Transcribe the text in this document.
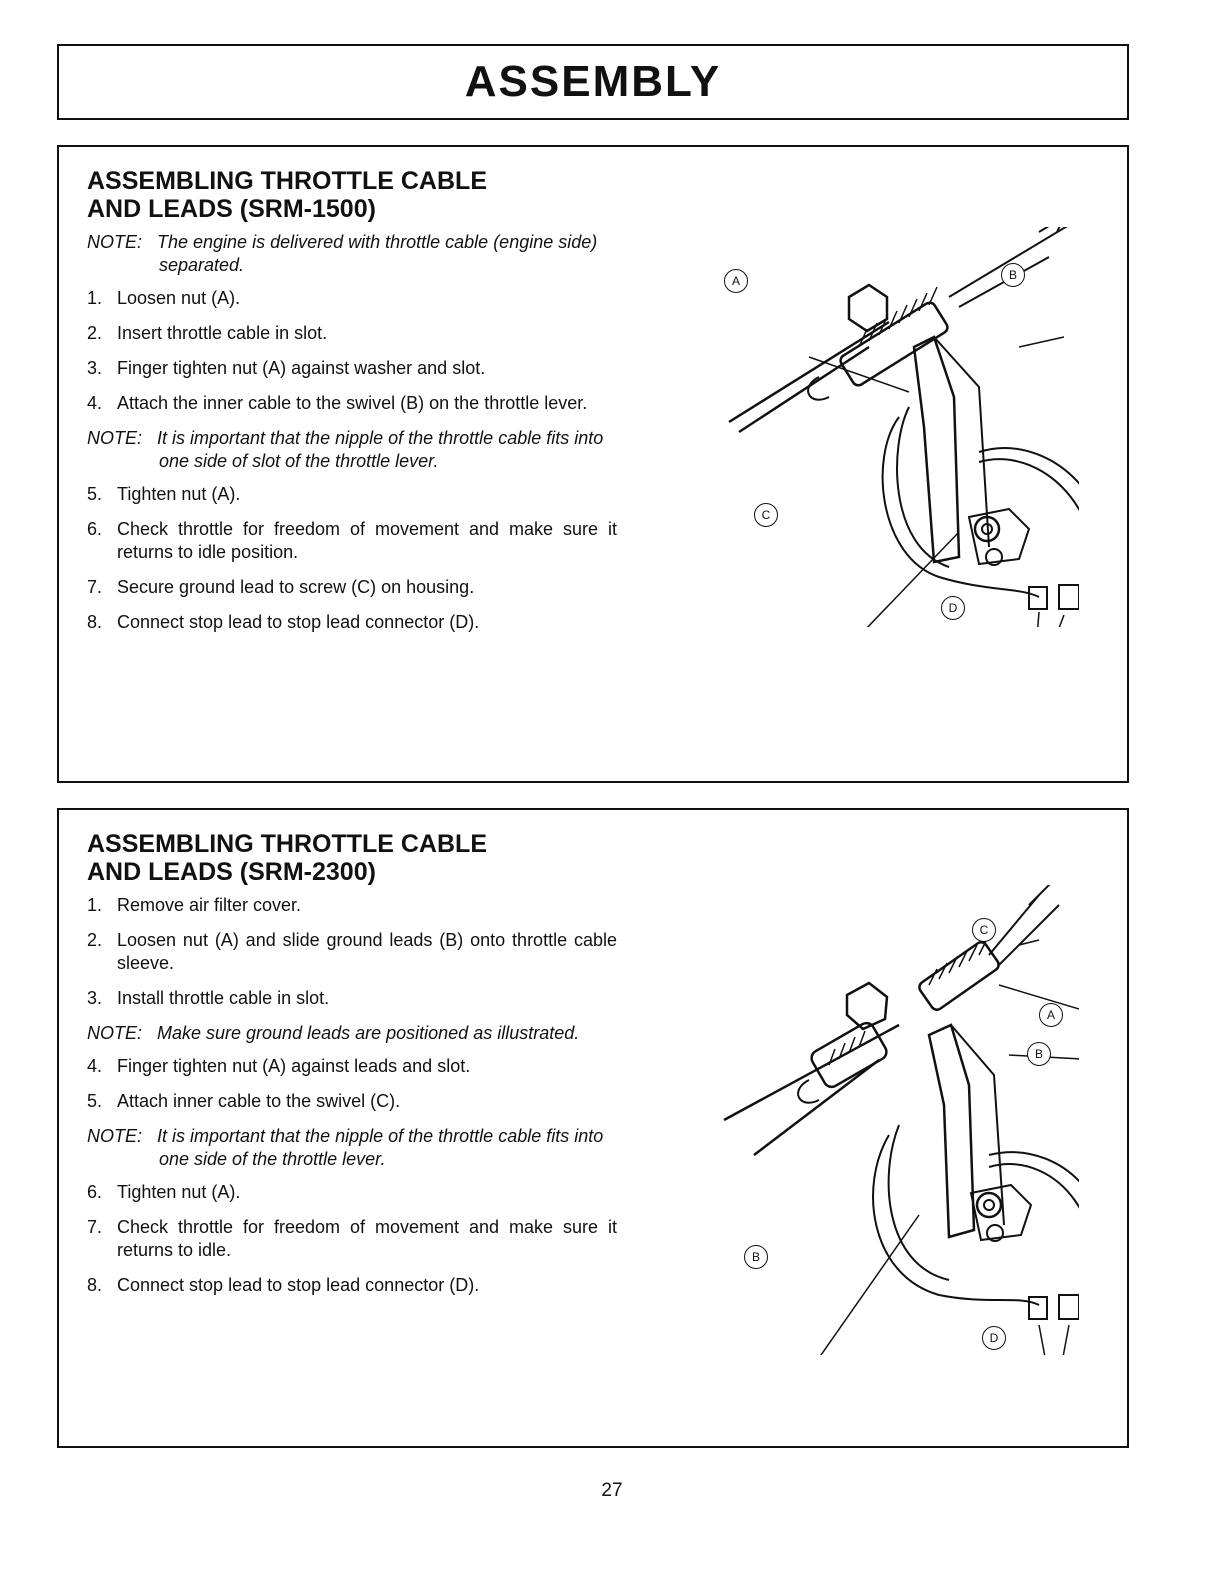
ASSEMBLY
ASSEMBLING THROTTLE CABLE
AND LEADS (SRM-1500)
NOTE: The engine is delivered with throttle cable (engine side) separated.
1. Loosen nut (A).
2. Insert throttle cable in slot.
3. Finger tighten nut (A) against washer and slot.
4. Attach the inner cable to the swivel (B) on the throttle lever.
NOTE: It is important that the nipple of the throttle cable fits into one side of slot of the throttle lever.
5. Tighten nut (A).
6. Check throttle for freedom of movement and make sure it returns to idle position.
7. Secure ground lead to screw (C) on housing.
8. Connect stop lead to stop lead connector (D).
A	B
C
D
ASSEMBLING THROTTLE CABLE
AND LEADS (SRM-2300)
1. Remove air filter cover.
2. Loosen nut (A) and slide ground leads (B) onto throttle cable sleeve.
3. Install throttle cable in slot.
NOTE: Make sure ground leads are positioned as illustrated.
4. Finger tighten nut (A) against leads and slot.
5. Attach inner cable to the swivel (C).
NOTE: It is important that the nipple of the throttle cable fits into one side of the throttle lever.
6. Tighten nut (A).
7. Check throttle for freedom of movement and make sure it returns to idle.
8. Connect stop lead to stop lead connector (D).
C
A
B
B
D
27
